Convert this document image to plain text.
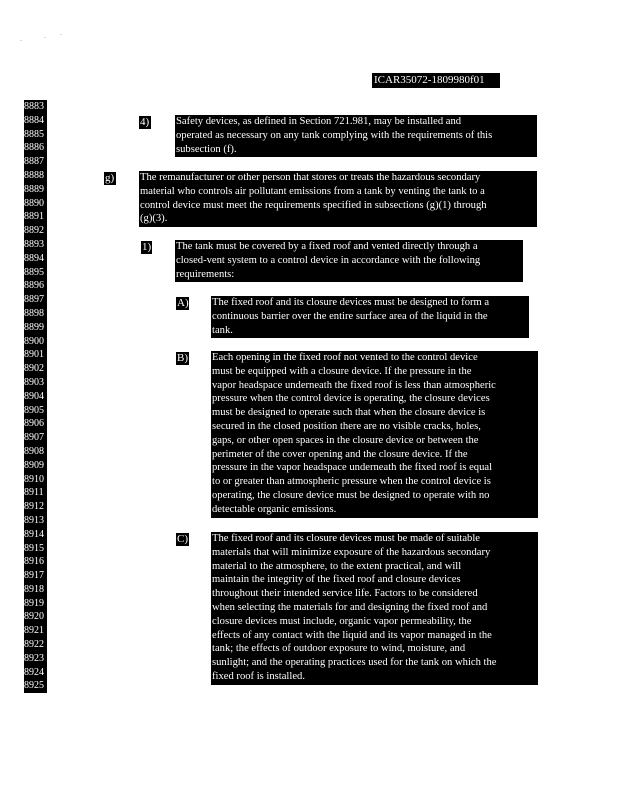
ICAR35072-1809980f01
8883
8884
8885
8886
8887
8888
8889
8890
8891
8892
8893
8894
8895
8896
8897
8898
8899
8900
8901
8902
8903
8904
8905
8906
8907
8908
8909
8910
8911
8912
8913
8914
8915
8916
8917
8918
8919
8920
8921
8922
8923
8924
8925
4)	Safety devices, as defined in Section 721.981, may be installed and

operated as necessary on any tank complying with the requirements of this

subsection (f).

g) The remanufacturer or other person that stores or treats the hazardous secondary

material who controls air pollutant emissions from a tank by venting the tank to a

control device must meet the requirements specified in subsections (g)(1) through

(g)(3).

1) The tank must be covered by a fixed roof and vented directly through a

closed-vent system to a control device in accordance with the following

requirements:

A) The fixed roof and its closure devices must be designed to form a

continuous barrier over the entire surface area of the liquid in the

tank.

B) Each opening in the fixed roof not vented to the control device

must be equipped with a closure device. If the pressure in the

vapor headspace underneath the fixed roof is less than atmospheric

pressure when the control device is operating, the closure devices

must be designed to operate such that when the closure device is

secured in the closed position there are no visible cracks, holes,

gaps, or other open spaces in the closure device or between the

perimeter of the cover opening and the closure device. If the

pressure in the vapor headspace underneath the fixed roof is equal

to or greater than atmospheric pressure when the control device is

operating, the closure device must be designed to operate with no

detectable organic emissions.

C) The fixed roof and its closure devices must be made of suitable

materials that will minimize exposure of the hazardous secondary

material to the atmosphere, to the extent practical, and will

maintain the integrity of the fixed roof and closure devices

throughout their intended service life. Factors to be considered

when selecting the materials for and designing the fixed roof and

closure devices must include, organic vapor permeability, the

effects of any contact with the liquid and its vapor managed in the

tank; the effects of outdoor exposure to wind, moisture, and

sunlight; and the operating practices used for the tank on which the

fixed roof is installed.
